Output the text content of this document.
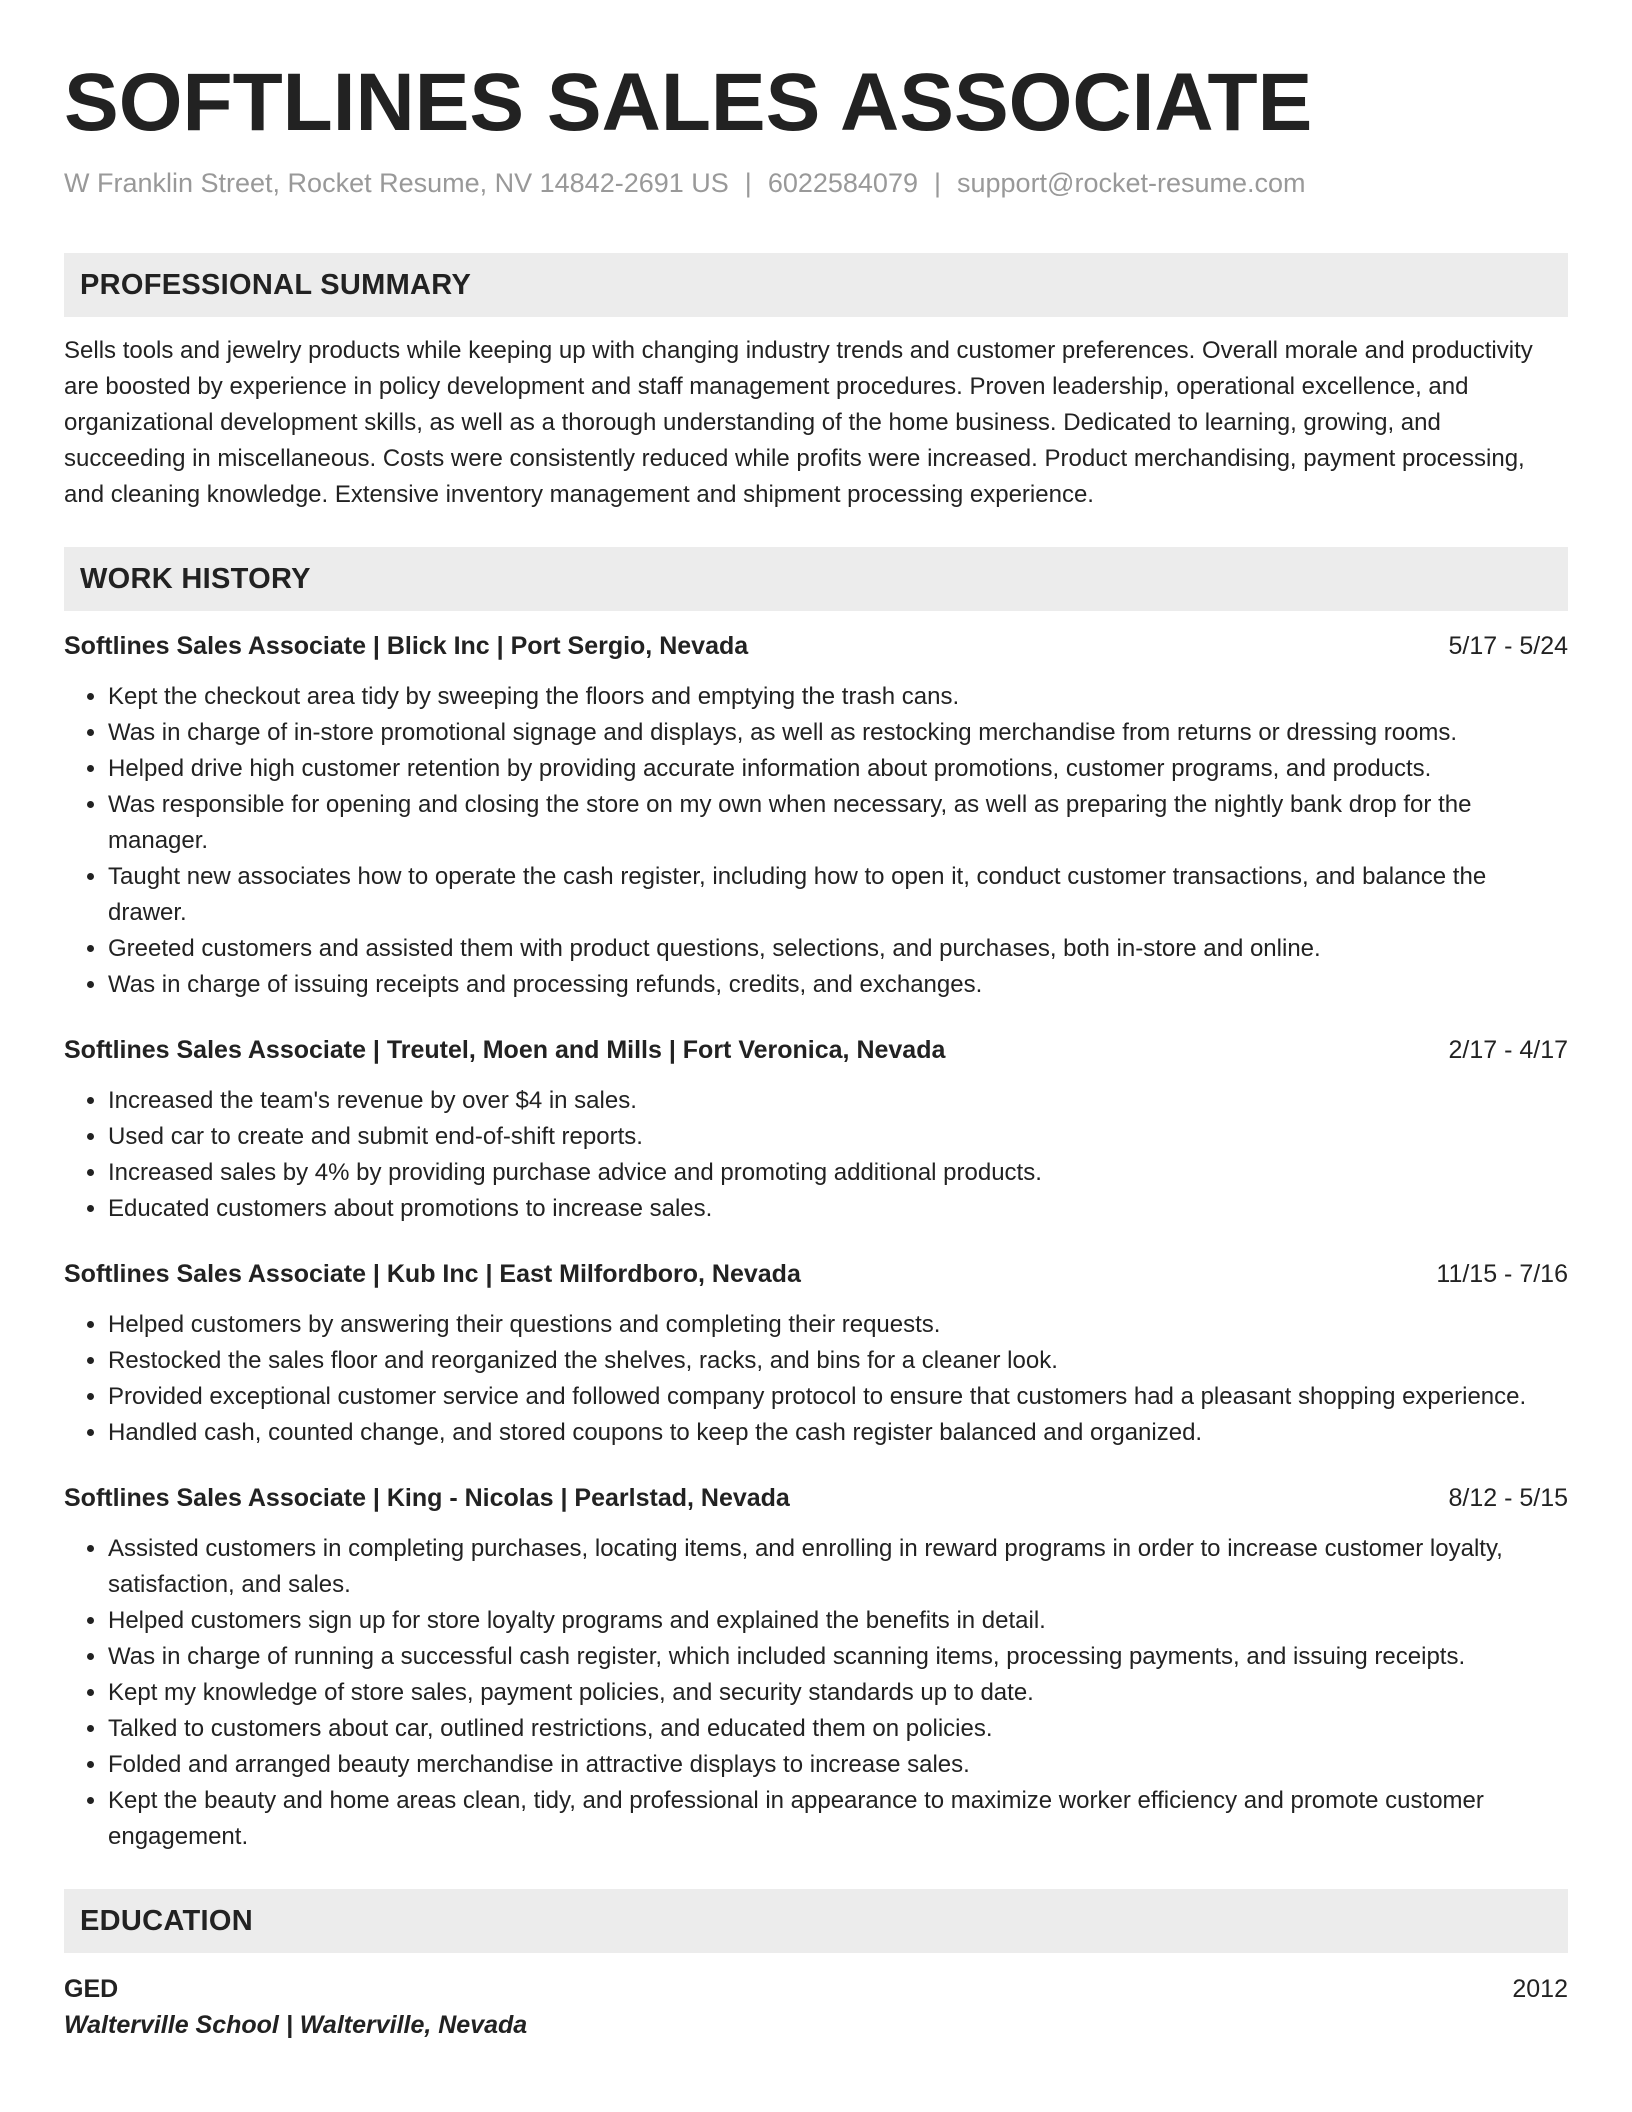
SOFTLINES SALES ASSOCIATE
W Franklin Street, Rocket Resume, NV 14842-2691 US | 6022584079 | support@rocket-resume.com
PROFESSIONAL SUMMARY

Sells tools and jewelry products while keeping up with changing industry trends and customer preferences. Overall morale and productivity are boosted by experience in policy development and staff management procedures. Proven leadership, operational excellence, and organizational development skills, as well as a thorough understanding of the home business. Dedicated to learning, growing, and succeeding in miscellaneous. Costs were consistently reduced while profits were increased. Product merchandising, payment processing, and cleaning knowledge. Extensive inventory management and shipment processing experience.

WORK HISTORY
Softlines Sales Associate | Blick Inc | Port Sergio, Nevada	5/17 - 5/24
• Kept the checkout area tidy by sweeping the floors and emptying the trash cans.
• Was in charge of in-store promotional signage and displays, as well as restocking merchandise from returns or dressing rooms.
• Helped drive high customer retention by providing accurate information about promotions, customer programs, and products.
• Was responsible for opening and closing the store on my own when necessary, as well as preparing the nightly bank drop for the manager.
• Taught new associates how to operate the cash register, including how to open it, conduct customer transactions, and balance the drawer.
• Greeted customers and assisted them with product questions, selections, and purchases, both in-store and online.
• Was in charge of issuing receipts and processing refunds, credits, and exchanges.
Softlines Sales Associate | Treutel, Moen and Mills | Fort Veronica, Nevada	2/17 - 4/17
• Increased the team's revenue by over $4 in sales.
• Used car to create and submit end-of-shift reports.
• Increased sales by 4% by providing purchase advice and promoting additional products.
• Educated customers about promotions to increase sales.
Softlines Sales Associate | Kub Inc | East Milfordboro, Nevada	11/15 - 7/16
• Helped customers by answering their questions and completing their requests.
• Restocked the sales floor and reorganized the shelves, racks, and bins for a cleaner look.
• Provided exceptional customer service and followed company protocol to ensure that customers had a pleasant shopping experience.
• Handled cash, counted change, and stored coupons to keep the cash register balanced and organized.
Softlines Sales Associate | King - Nicolas | Pearlstad, Nevada	8/12 - 5/15
• Assisted customers in completing purchases, locating items, and enrolling in reward programs in order to increase customer loyalty, satisfaction, and sales.
• Helped customers sign up for store loyalty programs and explained the benefits in detail.
• Was in charge of running a successful cash register, which included scanning items, processing payments, and issuing receipts.
• Kept my knowledge of store sales, payment policies, and security standards up to date.
• Talked to customers about car, outlined restrictions, and educated them on policies.
• Folded and arranged beauty merchandise in attractive displays to increase sales.
• Kept the beauty and home areas clean, tidy, and professional in appearance to maximize worker efficiency and promote customer engagement.
EDUCATION
GED	2012
Walterville School | Walterville, Nevada
